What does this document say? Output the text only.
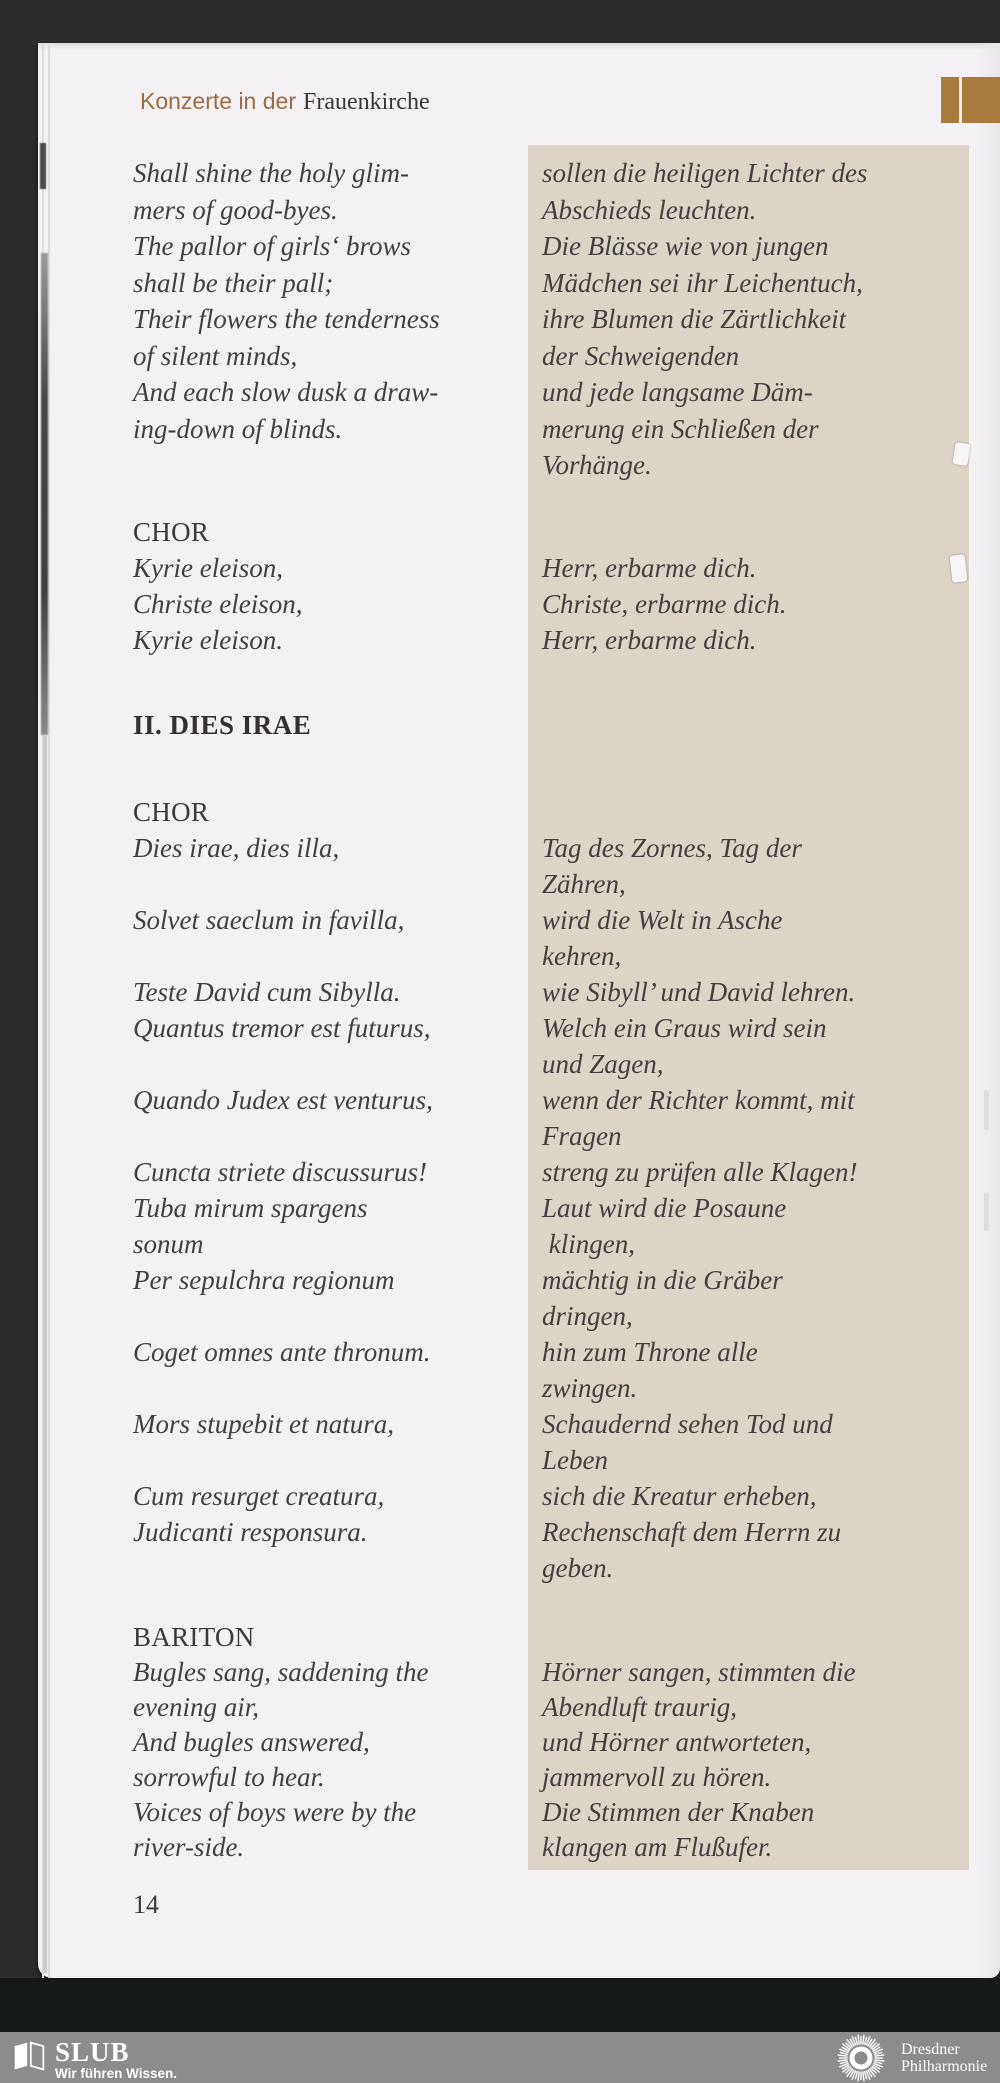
Konzerte in der Frauenkirche
Shall shine the holy glim-
mers of good-byes.
The pallor of girls‘ brows
shall be their pall;
Their flowers the tenderness
of silent minds,
And each slow dusk a draw-
ing-down of blinds.
sollen die heiligen Lichter des
Abschieds leuchten.
Die Blässe wie von jungen
Mädchen sei ihr Leichentuch,
ihre Blumen die Zärtlichkeit
der Schweigenden
und jede langsame Däm-
merung ein Schließen der
Vorhänge.
CHOR
Kyrie eleison,
Christe eleison,
Kyrie eleison.
Herr, erbarme dich.
Christe, erbarme dich.
Herr, erbarme dich.
II. DIES IRAE
CHOR
Dies irae, dies illa,
Solvet saeclum in favilla,
Teste David cum Sibylla.
Quantus tremor est futurus,
Quando Judex est venturus,
Cuncta striete discussurus!
Tuba mirum spargens
sonum
Per sepulchra regionum
Coget omnes ante thronum.
Mors stupebit et natura,
Cum resurget creatura,
Judicanti responsura.
Tag des Zornes, Tag der
Zähren,
wird die Welt in Asche
kehren,
wie Sibyll’ und David lehren.
Welch ein Graus wird sein
und Zagen,
wenn der Richter kommt, mit
Fragen
streng zu prüfen alle Klagen!
Laut wird die Posaune
klingen,
mächtig in die Gräber
dringen,
hin zum Throne alle
zwingen.
Schaudernd sehen Tod und
Leben
sich die Kreatur erheben,
Rechenschaft dem Herrn zu
geben.
BARITON
Bugles sang, saddening the
evening air,
And bugles answered,
sorrowful to hear.
Voices of boys were by the
river-side.
Hörner sangen, stimmten die
Abendluft traurig,
und Hörner antworteten,
jammervoll zu hören.
Die Stimmen der Knaben
klangen am Flußufer.
14
SLUB
Wir führen Wissen.
Dresdner
Philharmonie
